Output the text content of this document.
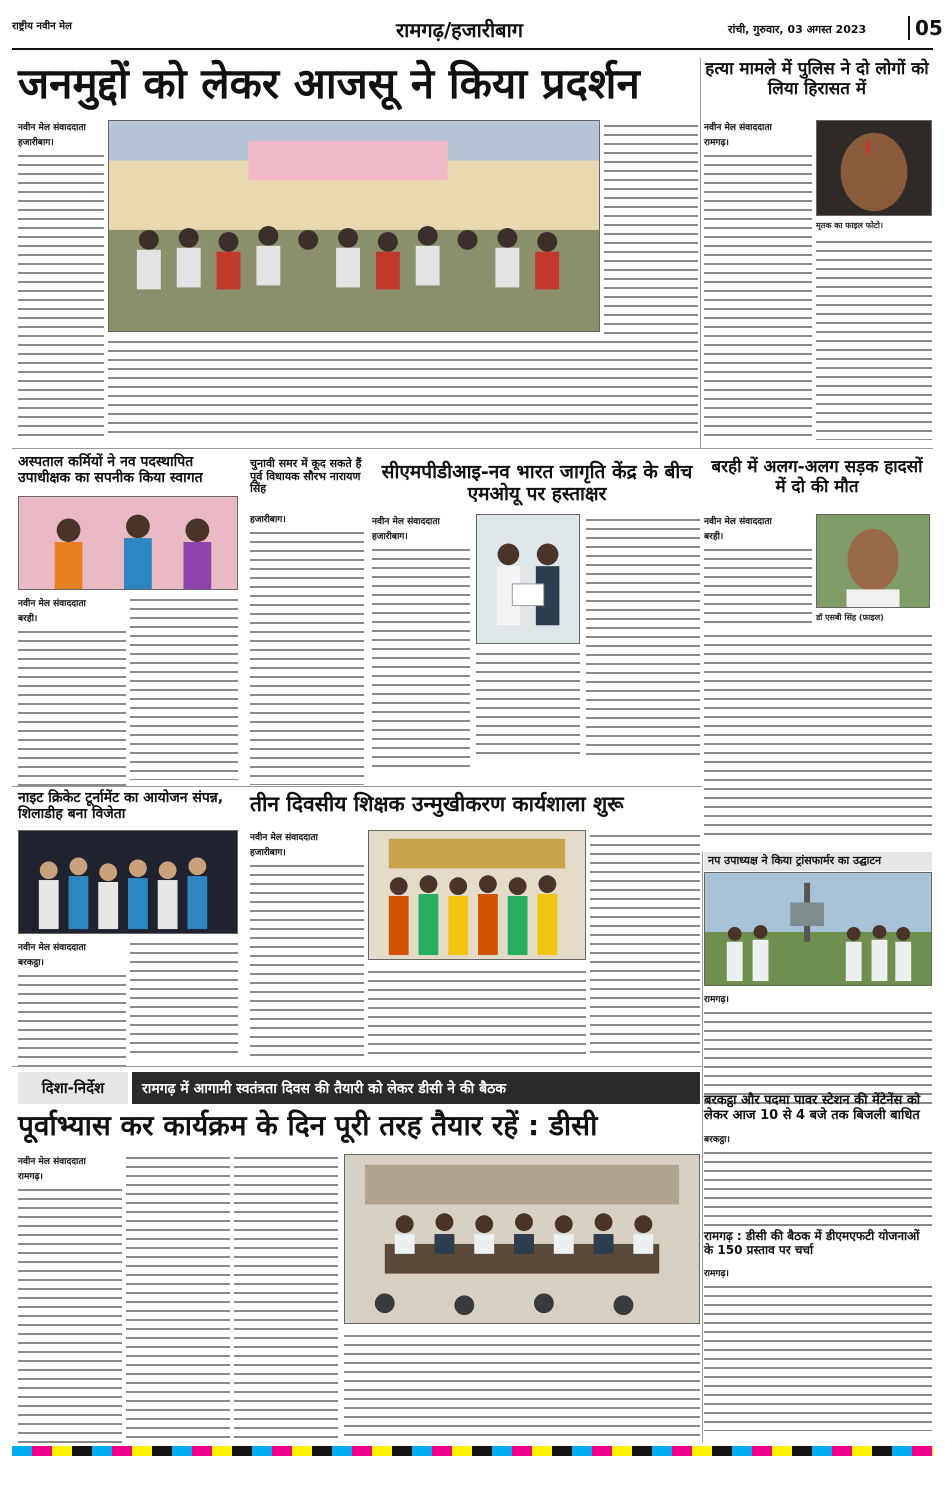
राष्ट्रीय नवीन मेल	रामगढ़/हजारीबाग	रांची, गुरुवार, 03 अगस्त 2023	05
जनमुद्दों को लेकर आजसू ने किया प्रदर्शन
नवीन मेल संवाददाता
हजारीबाग।
हत्या मामले में पुलिस ने दो लोगों को लिया हिरासत में
नवीन मेल संवाददाता
रामगढ़।
मृतक का फाइल फोटो।
अस्पताल कर्मियों ने नव पदस्थापित उपाधीक्षक का सपनीक किया स्वागत
नवीन मेल संवाददाता
बरही।
चुनावी समर में कूद सकते हैं पूर्व विधायक सौरभ नारायण सिंह
हजारीबाग।
सीएमपीडीआइ-नव भारत जागृति केंद्र के बीच एमओयू पर हस्ताक्षर
नवीन मेल संवाददाता
हजारीबाग।
बरही में अलग-अलग सड़क हादसों में दो की मौत
नवीन मेल संवाददाता
बरही।
डॉ एसबी सिंह (फ़ाइल)
नाइट क्रिकेट टूर्नामेंट का आयोजन संपन्न, शिलाडीह बना विजेता
नवीन मेल संवाददाता
बरकट्ठा।
तीन दिवसीय शिक्षक उन्मुखीकरण कार्यशाला शुरू
नवीन मेल संवाददाता
हजारीबाग।
नप उपाध्यक्ष ने किया ट्रांसफार्मर का उद्घाटन
रामगढ़।
दिशा-निर्देश	रामगढ़ में आगामी स्वतंत्रता दिवस की तैयारी को लेकर डीसी ने की बैठक
पूर्वाभ्यास कर कार्यक्रम के दिन पूरी तरह तैयार रहें : डीसी
नवीन मेल संवाददाता
रामगढ़।
बरकट्ठा और पदमा पावर स्टेशन की मेंटेनेंस को लेकर आज 10 से 4 बजे तक बिजली बाधित
बरकट्ठा।
रामगढ़ : डीसी की बैठक में डीएमएफटी योजनाओं के 150 प्रस्ताव पर चर्चा
रामगढ़।
